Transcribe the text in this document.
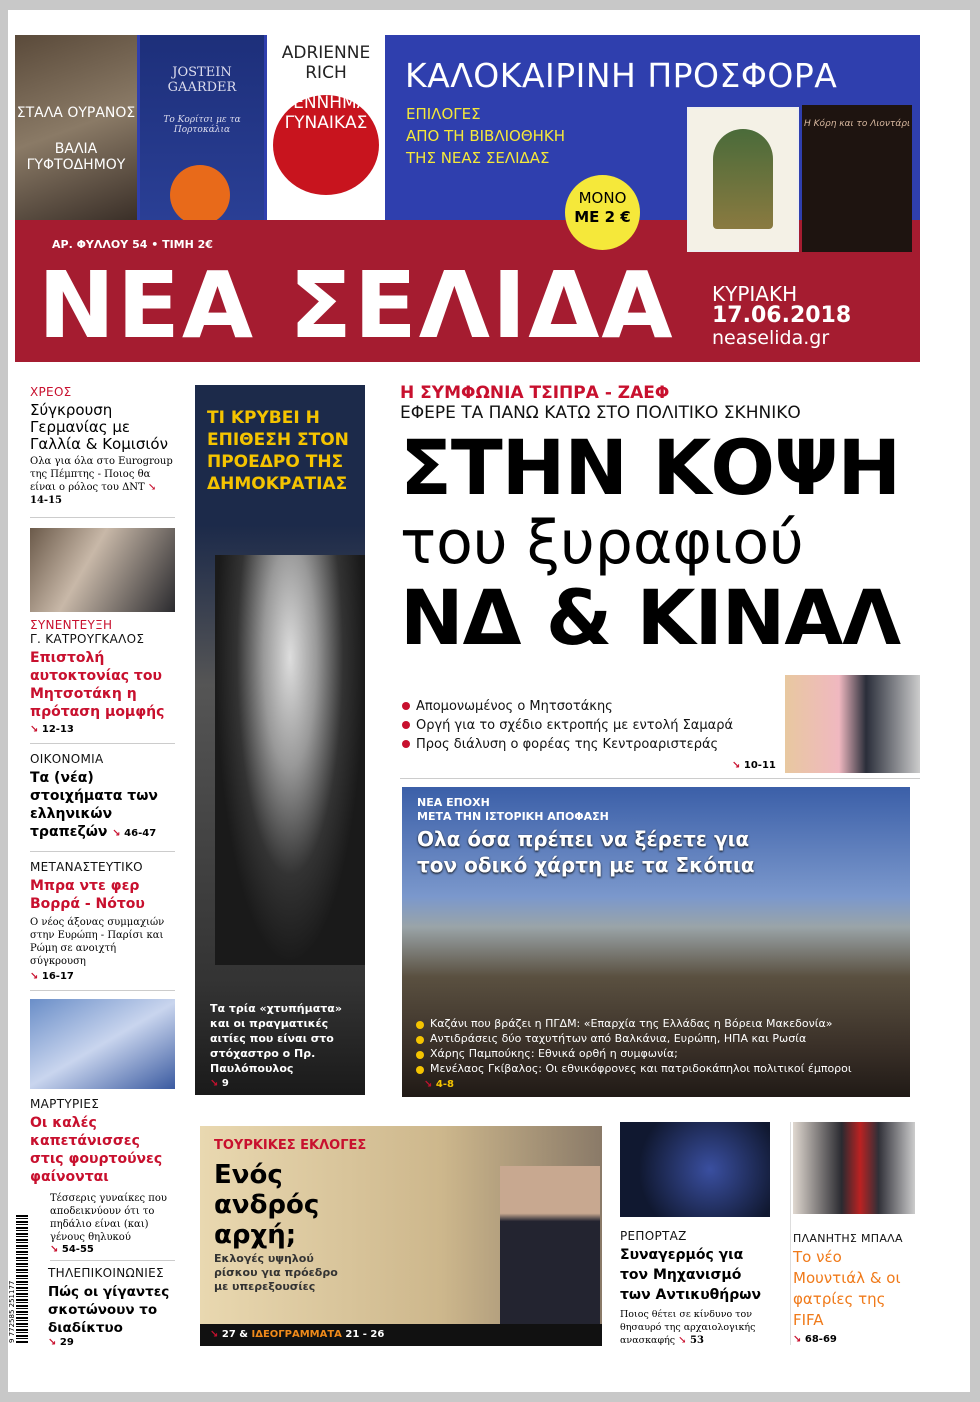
ΣΤΑΛΑ ΟΥΡΑΝΟΣ
ΒΑΛΙΑ ΓΥΦΤΟΔΗΜΟΥ
JOSTEIN GAARDER
Το Κορίτσι με τα Πορτοκάλια
ADRIENNE RICH
ΓΕΝΝΗΜΑ ΓΥΝΑΙΚΑΣ
ΚΑΛΟΚΑΙΡΙΝΗ ΠΡΟΣΦΟΡΑ
ΕΠΙΛΟΓΕΣ
ΑΠΟ ΤΗ ΒΙΒΛΙΟΘΗΚΗ
ΤΗΣ ΝΕΑΣ ΣΕΛΙΔΑΣ
ΜΟΝΟ
ΜΕ 2 €
Η Κόρη και το Λιοντάρι
ΑΡ. ΦΥΛΛΟΥ 54 • ΤΙΜΗ 2€
ΝΕΑ ΣΕΛΙΔΑ ΚΥΡΙΑΚΗ
17.06.2018
neaselida.gr
ΧΡΕΟΣ
Σύγκρουση Γερμανίας με Γαλλία & Κομισιόν
Ολα για όλα στο Eurogroup της Πέμπτης - Ποιος θα είναι ο ρόλος του ΔΝΤ ↘ 14-15
ΣΥΝΕΝΤΕΥΞΗ
Γ. ΚΑΤΡΟΥΓΚΑΛΟΣ
Επιστολή αυτοκτονίας του Μητσοτάκη η πρόταση μομφής
↘ 12-13
ΟΙΚΟΝΟΜΙΑ
Τα (νέα) στοιχήματα των ελληνικών τραπεζών ↘ 46-47
ΜΕΤΑΝΑΣΤΕΥΤΙΚΟ
Μπρα ντε φερ Βορρά - Νότου
Ο νέος άξονας συμμαχιών στην Ευρώπη - Παρίσι και Ρώμη σε ανοιχτή σύγκρουση
↘ 16-17
ΜΑΡΤΥΡΙΕΣ
Οι καλές καπετάνισσες στις φουρτούνες φαίνονται
Τέσσερις γυναίκες που αποδεικνύουν ότι το πηδάλιο είναι (και) γένους θηλυκού
↘ 54-55
ΤΗΛΕΠΙΚΟΙΝΩΝΙΕΣ
Πώς οι γίγαντες σκοτώνουν το διαδίκτυο
↘ 29
9 772585 251177
ΤΙ ΚΡΥΒΕΙ Η ΕΠΙΘΕΣΗ ΣΤΟΝ ΠΡΟΕΔΡΟ ΤΗΣ ΔΗΜΟΚΡΑΤΙΑΣ
Τα τρία «χτυπήματα» και οι πραγματικές αιτίες που είναι στο στόχαστρο ο Πρ. Παυλόπουλος
↘ 9
Η ΣΥΜΦΩΝΙΑ ΤΣΙΠΡΑ - ΖΑΕΦ
ΕΦΕΡΕ ΤΑ ΠΑΝΩ ΚΑΤΩ ΣΤΟ ΠΟΛΙΤΙΚΟ ΣΚΗΝΙΚΟ
ΣΤΗΝ ΚΟΨΗ
του ξυραφιού
ΝΔ & ΚΙΝΑΛ
Απομονωμένος ο Μητσοτάκης
Οργή για το σχέδιο εκτροπής με εντολή Σαμαρά
Προς διάλυση ο φορέας της Κεντροαριστεράς
↘ 10-11
ΝΕΑ ΕΠΟΧΗ
ΜΕΤΑ ΤΗΝ ΙΣΤΟΡΙΚΗ ΑΠΟΦΑΣΗ
Ολα όσα πρέπει να ξέρετε για τον οδικό χάρτη με τα Σκόπια
Καζάνι που βράζει η ΠΓΔΜ: «Επαρχία της Ελλάδας η Βόρεια Μακεδονία»
Αντιδράσεις δύο ταχυτήτων από Βαλκάνια, Ευρώπη, ΗΠΑ και Ρωσία
Χάρης Παμπούκης: Εθνικά ορθή η συμφωνία;
Μενέλαος Γκίβαλος: Οι εθνικόφρονες και πατριδοκάπηλοι πολιτικοί έμποροι
↘ 4-8
ΤΟΥΡΚΙΚΕΣ ΕΚΛΟΓΕΣ
Ενός ανδρός αρχή;
Εκλογές υψηλού ρίσκου για πρόεδρο με υπερεξουσίες
↘ 27 & ΙΔΕΟΓΡΑΜΜΑΤΑ 21 - 26
ΡΕΠΟΡΤΑΖ
Συναγερμός για τον Μηχανισμό των Αντικυθήρων
Ποιος θέτει σε κίνδυνο τον θησαυρό της αρχαιολογικής ανασκαφής ↘ 53
ΠΛΑΝΗΤΗΣ ΜΠΑΛΑ
Το νέο Μουντιάλ & οι φατρίες της FIFA
↘ 68-69
